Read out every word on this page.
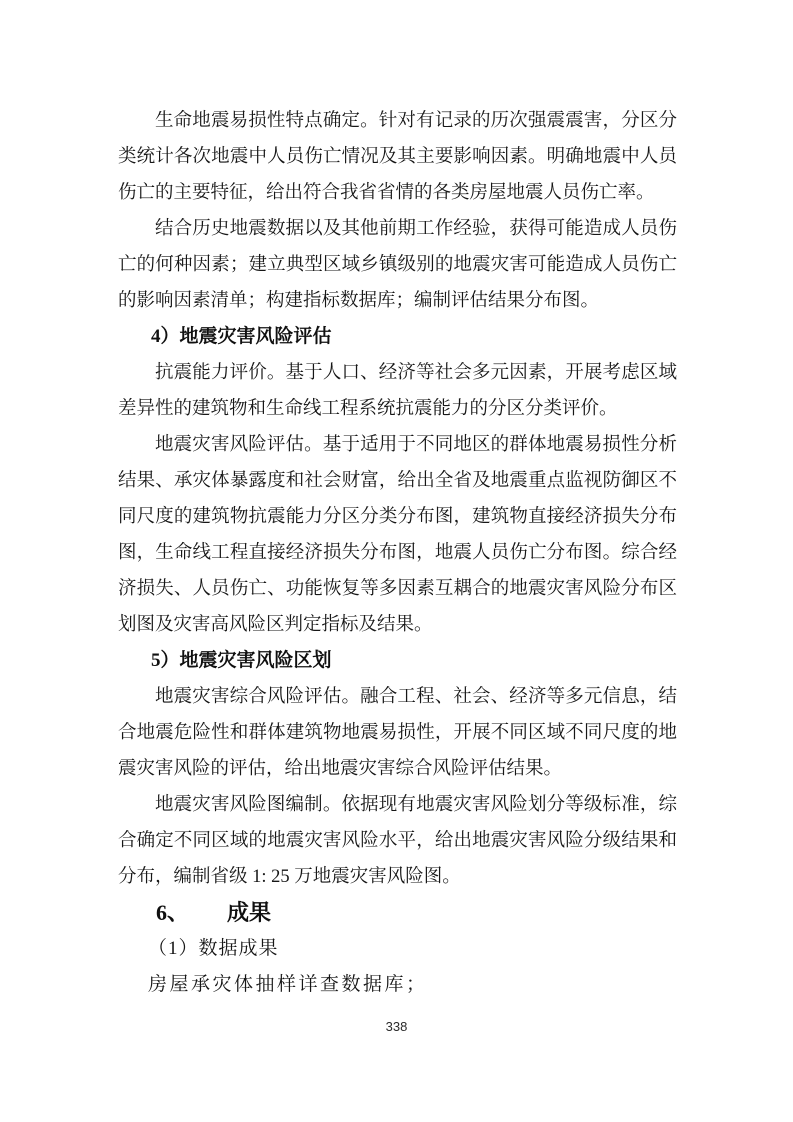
生命地震易损性特点确定。针对有记录的历次强震震害，分区分类统计各次地震中人员伤亡情况及其主要影响因素。明确地震中人员伤亡的主要特征，给出符合我省省情的各类房屋地震人员伤亡率。

结合历史地震数据以及其他前期工作经验，获得可能造成人员伤亡的何种因素；建立典型区域乡镇级别的地震灾害可能造成人员伤亡的影响因素清单；构建指标数据库；编制评估结果分布图。

4）地震灾害风险评估

抗震能力评价。基于人口、经济等社会多元因素，开展考虑区域差异性的建筑物和生命线工程系统抗震能力的分区分类评价。

地震灾害风险评估。基于适用于不同地区的群体地震易损性分析结果、承灾体暴露度和社会财富，给出全省及地震重点监视防御区不同尺度的建筑物抗震能力分区分类分布图，建筑物直接经济损失分布图，生命线工程直接经济损失分布图，地震人员伤亡分布图。综合经济损失、人员伤亡、功能恢复等多因素互耦合的地震灾害风险分布区划图及灾害高风险区判定指标及结果。

5）地震灾害风险区划

地震灾害综合风险评估。融合工程、社会、经济等多元信息，结合地震危险性和群体建筑物地震易损性，开展不同区域不同尺度的地震灾害风险的评估，给出地震灾害综合风险评估结果。

地震灾害风险图编制。依据现有地震灾害风险划分等级标准，综合确定不同区域的地震灾害风险水平，给出地震灾害风险分级结果和分布，编制省级 1: 25 万地震灾害风险图。

6、 成果
（1）数据成果
房屋承灾体抽样详查数据库；
338
